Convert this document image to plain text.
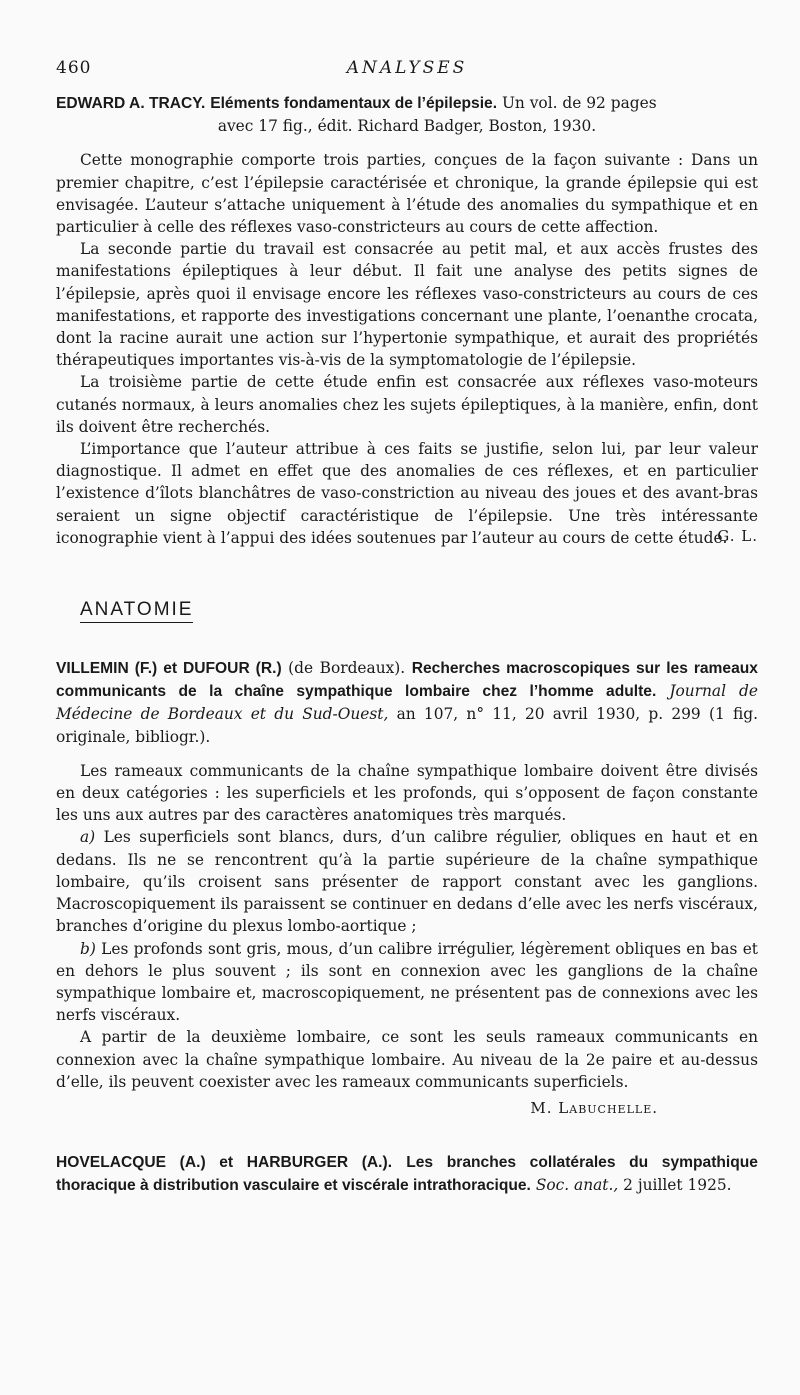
460	ANALYSES
EDWARD A. TRACY. Eléments fondamentaux de l’épilepsie. Un vol. de 92 pages
avec 17 fig., édit. Richard Badger, Boston, 1930.

Cette monographie comporte trois parties, conçues de la façon suivante : Dans un premier chapitre, c’est l’épilepsie caractérisée et chronique, la grande épilepsie qui est envisagée. L’auteur s’attache uniquement à l’étude des anomalies du sympathique et en particulier à celle des réflexes vaso-constricteurs au cours de cette affection.

La seconde partie du travail est consacrée au petit mal, et aux accès frustes des manifestations épileptiques à leur début. Il fait une analyse des petits signes de l’épilepsie, après quoi il envisage encore les réflexes vaso-constricteurs au cours de ces manifestations, et rapporte des investigations concernant une plante, l’oenanthe crocata, dont la racine aurait une action sur l’hypertonie sympathique, et aurait des propriétés thérapeutiques importantes vis-à-vis de la symptomatologie de l’épilepsie.

La troisième partie de cette étude enfin est consacrée aux réflexes vaso-moteurs cutanés normaux, à leurs anomalies chez les sujets épileptiques, à la manière, enfin, dont ils doivent être recherchés.

L’importance que l’auteur attribue à ces faits se justifie, selon lui, par leur valeur diagnostique. Il admet en effet que des anomalies de ces réflexes, et en particulier l’existence d’îlots blanchâtres de vaso-constriction au niveau des joues et des avant-bras seraient un signe objectif caractéristique de l’épilepsie. Une très intéressante iconographie vient à l’appui des idées soutenues par l’auteur au cours de cette étude.

G. L.
ANATOMIE
VILLEMIN (F.) et DUFOUR (R.) (de Bordeaux). Recherches macroscopiques sur les rameaux communicants de la chaîne sympathique lombaire chez l’homme adulte. Journal de Médecine de Bordeaux et du Sud-Ouest, an 107, n° 11, 20 avril 1930, p. 299 (1 fig. originale, bibliogr.).

Les rameaux communicants de la chaîne sympathique lombaire doivent être divisés en deux catégories : les superficiels et les profonds, qui s’opposent de façon constante les uns aux autres par des caractères anatomiques très marqués.

a) Les superficiels sont blancs, durs, d’un calibre régulier, obliques en haut et en dedans. Ils ne se rencontrent qu’à la partie supérieure de la chaîne sympathique lombaire, qu’ils croisent sans présenter de rapport constant avec les ganglions. Macroscopiquement ils paraissent se continuer en dedans d’elle avec les nerfs viscéraux, branches d’origine du plexus lombo-aortique ;

b) Les profonds sont gris, mous, d’un calibre irrégulier, légèrement obliques en bas et en dehors le plus souvent ; ils sont en connexion avec les ganglions de la chaîne sympathique lombaire et, macroscopiquement, ne présentent pas de connexions avec les nerfs viscéraux.

A partir de la deuxième lombaire, ce sont les seuls rameaux communicants en connexion avec la chaîne sympathique lombaire. Au niveau de la 2e paire et au-dessus d’elle, ils peuvent coexister avec les rameaux communicants superficiels.

M. Labuchelle.
HOVELACQUE (A.) et HARBURGER (A.). Les branches collatérales du sympathique thoracique à distribution vasculaire et viscérale intrathoracique. Soc. anat., 2 juillet 1925.
